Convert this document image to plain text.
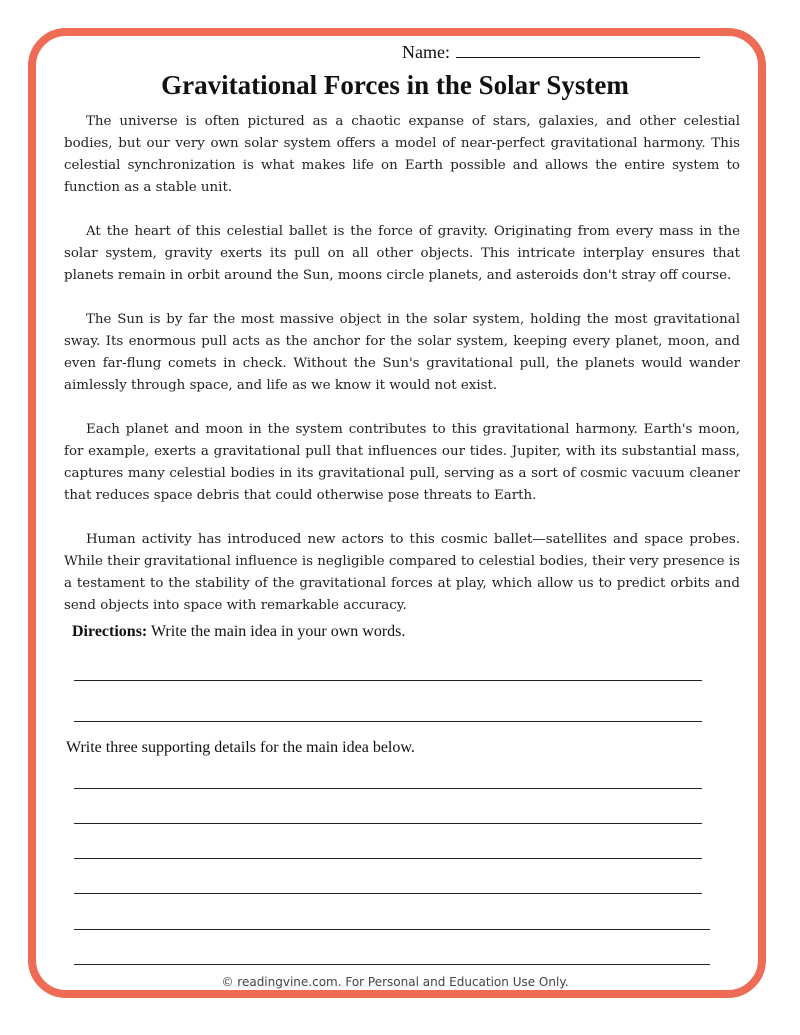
Name:
Gravitational Forces in the Solar System

The universe is often pictured as a chaotic expanse of stars, galaxies, and other celestial bodies, but our very own solar system offers a model of near-perfect gravitational harmony. This celestial synchronization is what makes life on Earth possible and allows the entire system to function as a stable unit.

At the heart of this celestial ballet is the force of gravity. Originating from every mass in the solar system, gravity exerts its pull on all other objects. This intricate interplay ensures that planets remain in orbit around the Sun, moons circle planets, and asteroids don't stray off course.

The Sun is by far the most massive object in the solar system, holding the most gravitational sway. Its enormous pull acts as the anchor for the solar system, keeping every planet, moon, and even far-flung comets in check. Without the Sun's gravitational pull, the planets would wander aimlessly through space, and life as we know it would not exist.

Each planet and moon in the system contributes to this gravitational harmony. Earth's moon, for example, exerts a gravitational pull that influences our tides. Jupiter, with its substantial mass, captures many celestial bodies in its gravitational pull, serving as a sort of cosmic vacuum cleaner that reduces space debris that could otherwise pose threats to Earth.

Human activity has introduced new actors to this cosmic ballet—satellites and space probes. While their gravitational influence is negligible compared to celestial bodies, their very presence is a testament to the stability of the gravitational forces at play, which allow us to predict orbits and send objects into space with remarkable accuracy.

Directions: Write the main idea in your own words.
Write three supporting details for the main idea below.
© readingvine.com. For Personal and Education Use Only.
